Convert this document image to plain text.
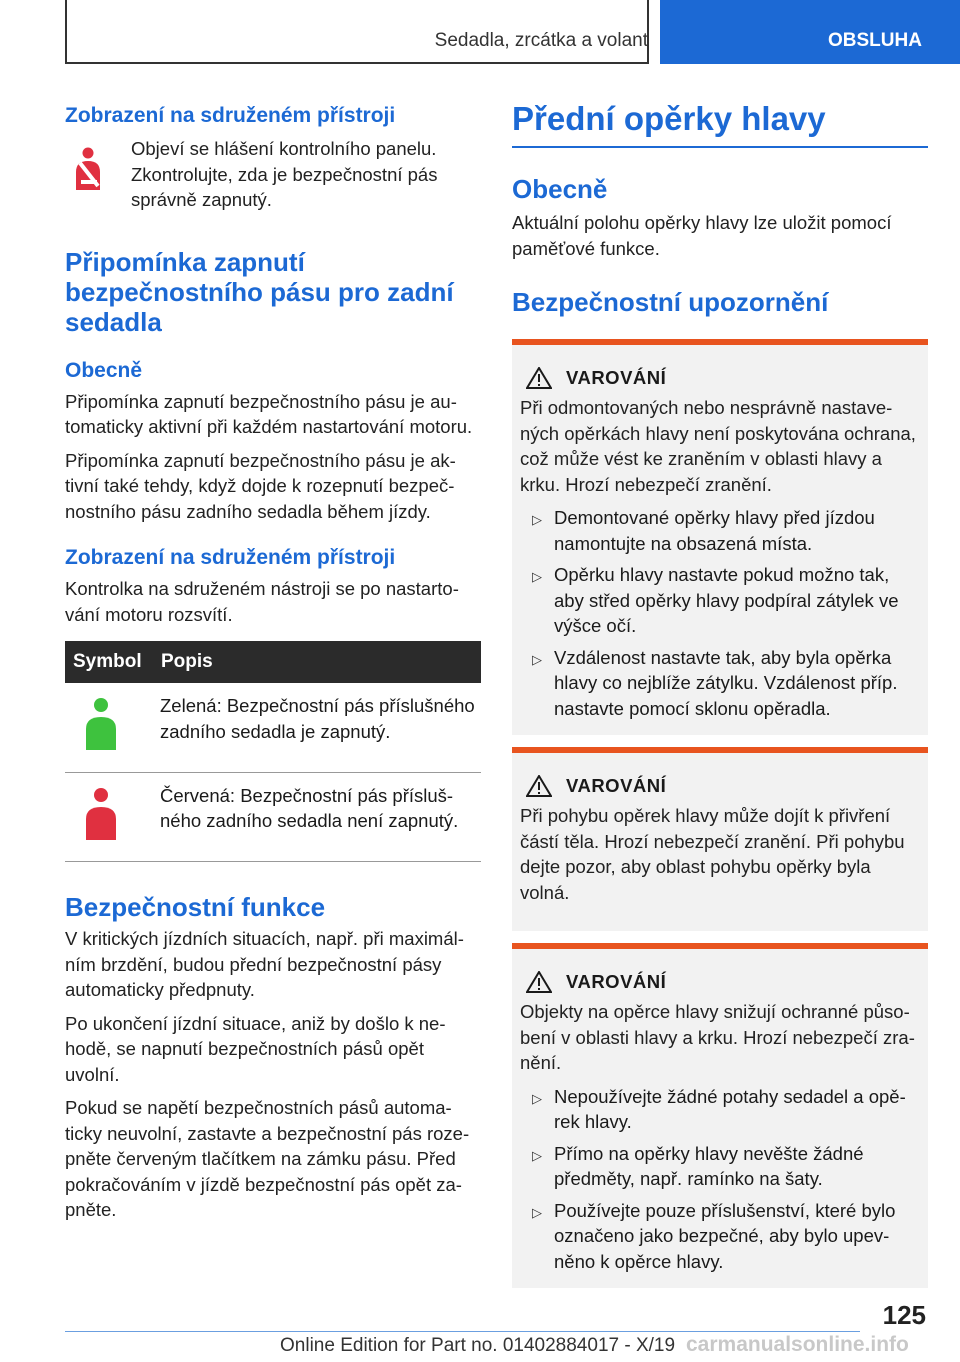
Sedadla, zrcátka a volant	OBSLUHA

Zobrazení na sdruženém přístroji

Objeví se hlášení kontrolního panelu. Zkontrolujte, zda je bezpečnostní pás správně zapnutý.

Připomínka zapnutí bezpečnostního pásu pro zadní sedadla

Obecně

Připomínka zapnutí bezpečnostního pásu je automaticky aktivní při každém nastartování motoru.

Připomínka zapnutí bezpečnostního pásu je aktivní také tehdy, když dojde k rozepnutí bezpečnostního pásu zadního sedadla během jízdy.

Zobrazení na sdruženém přístroji

Kontrolka na sdruženém nástroji se po nastartování motoru rozsvítí.

Symbol	Popis
	Zelená: Bezpečnostní pás příslušného zadního sedadla je zapnutý.
	Červená: Bezpečnostní pás příslušného zadního sedadla není zapnutý.

Bezpečnostní funkce

V kritických jízdních situacích, např. při maximálním brzdění, budou přední bezpečnostní pásy automaticky předpnuty.

Po ukončení jízdní situace, aniž by došlo k nehodě, se napnutí bezpečnostních pásů opět uvolní.

Pokud se napětí bezpečnostních pásů automaticky neuvolní, zastavte a bezpečnostní pás rozepněte červeným tlačítkem na zámku pásu. Před pokračováním v jízdě bezpečnostní pás opět zapněte.

Přední opěrky hlavy

Obecně

Aktuální polohu opěrky hlavy lze uložit pomocí paměťové funkce.

Bezpečnostní upozornění

VAROVÁNÍ

Při odmontovaných nebo nesprávně nastavených opěrkách hlavy není poskytována ochrana, což může vést ke zraněním v oblasti hlavy a krku. Hrozí nebezpečí zranění.

▷ Demontované opěrky hlavy před jízdou namontujte na obsazená místa.
▷ Opěrku hlavy nastavte pokud možno tak, aby střed opěrky hlavy podpíral zátylek ve výšce očí.
▷ Vzdálenost nastavte tak, aby byla opěrka hlavy co nejblíže zátylku. Vzdálenost příp. nastavte pomocí sklonu opěradla.
VAROVÁNÍ

Při pohybu opěrek hlavy může dojít k přivření částí těla. Hrozí nebezpečí zranění. Při pohybu dejte pozor, aby oblast pohybu opěrky byla volná.

VAROVÁNÍ

Objekty na opěrce hlavy snižují ochranné působení v oblasti hlavy a krku. Hrozí nebezpečí zranění.

▷ Nepoužívejte žádné potahy sedadel a opěrek hlavy.
▷ Přímo na opěrky hlavy nevěšte žádné předměty, např. ramínko na šaty.
▷ Používejte pouze příslušenství, které bylo označeno jako bezpečné, aby bylo upevněno k opěrce hlavy.
125
Online Edition for Part no. 01402884017 - X/19 carmanualsonline.info
